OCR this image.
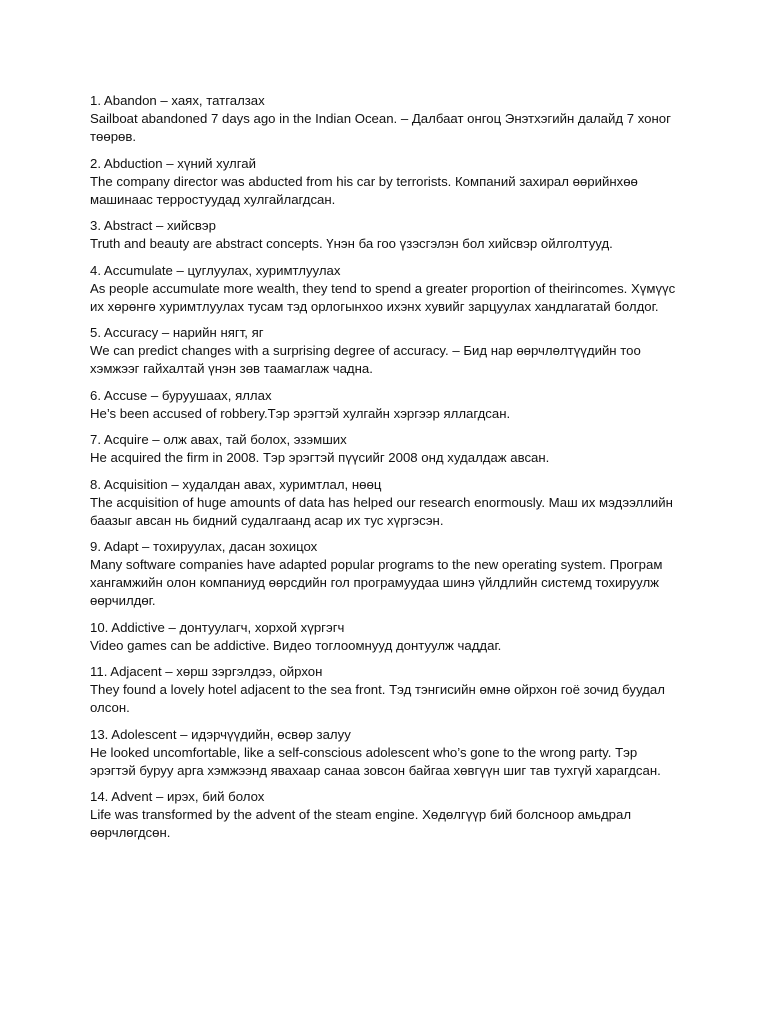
1. Abandon – хаях, татгалзах

Sailboat abandoned 7 days ago in the Indian Ocean. – Далбаат онгоц Энэтхэгийн далайд 7 хоног төөрөв.

2. Abduction – хүний хулгай

The company director was abducted from his car by terrorists. Компаний захирал өөрийнхөө машинаас терростуудад хулгайлагдсан.

3. Abstract – хийсвэр

Truth and beauty are abstract concepts. Үнэн ба гоо үзэсгэлэн бол хийсвэр ойлголтууд.

4. Accumulate – цуглуулах, хуримтлуулах

As people accumulate more wealth, they tend to spend a greater proportion of theirincomes. Хүмүүс их хөрөнгө хуримтлуулах тусам тэд орлогынхоо ихэнх хувийг зарцуулах хандлагатай болдог.

5. Accuracy – нарийн нягт, яг

We can predict changes with a surprising degree of accuracy. – Бид нар өөрчлөлтүүдийн тоо хэмжээг гайхалтай үнэн зөв таамаглаж чадна.

6. Accuse – буруушаах, яллах

He’s been accused of robbery.Тэр эрэгтэй хулгайн хэргээр яллагдсан.

7. Acquire – олж авах, тай болох, эзэмших

He acquired the firm in 2008. Тэр эрэгтэй пүүсийг 2008 онд худалдаж авсан.

8. Acquisition – худалдан авах, хуримтлал, нөөц

The acquisition of huge amounts of data has helped our research enormously. Маш их мэдээллийн баазыг авсан нь бидний судалгаанд асар их тус хүргэсэн.

9. Adapt – тохируулах, дасан зохицох

Many software companies have adapted popular programs to the new operating system. Програм хангамжийн олон компаниуд өөрсдийн гол програмуудаа шинэ үйлдлийн системд тохируулж өөрчилдөг.

10. Addictive – донтуулагч, хорхой хүргэгч

Video games can be addictive. Видео тоглоомнууд донтуулж чаддаг.

11. Adjacent – хөрш зэргэлдээ, ойрхон

They found a lovely hotel adjacent to the sea front. Тэд тэнгисийн өмнө ойрхон гоё зочид буудал олсон.

13. Adolescent – идэрчүүдийн, өсвөр залуу

He looked uncomfortable, like a self-conscious adolescent who’s gone to the wrong party. Тэр эрэгтэй буруу арга хэмжээнд явахаар санаа зовсон байгаа хөвгүүн шиг тав тухгүй харагдсан.

14. Advent – ирэх, бий болох

Life was transformed by the advent of the steam engine. Хөдөлгүүр бий болсноор амьдрал өөрчлөгдсөн.
